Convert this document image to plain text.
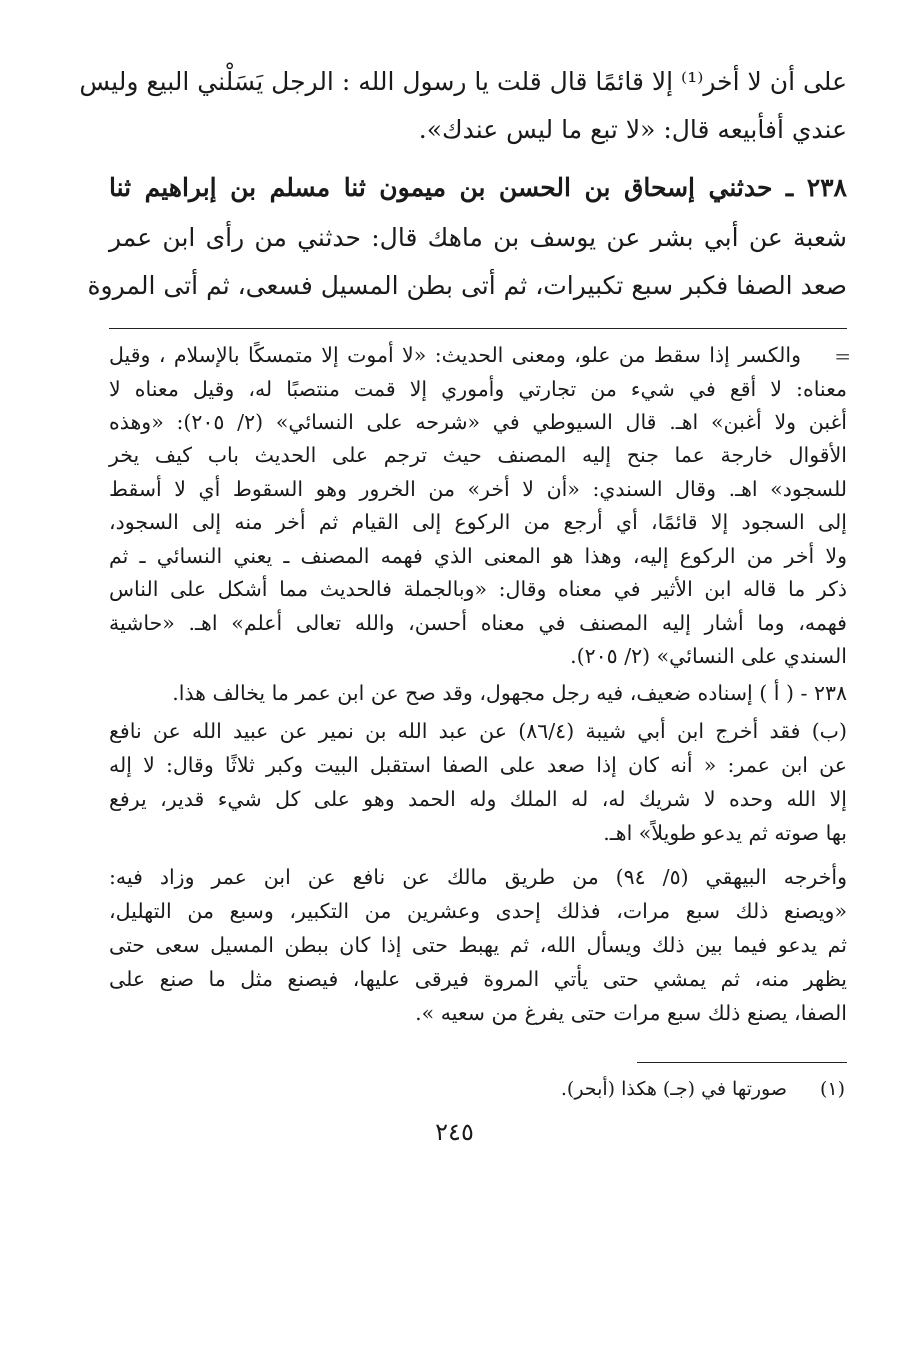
على أن لا أخر⁽¹⁾ إلا قائمًا قال قلت يا رسول الله : الرجل يَسَلْني البيع وليس
عندي أفأبيعه قال: «لا تبع ما ليس عندك».
٢٣٨ ـ حدثني إسحاق بن الحسن بن ميمون ثنا مسلم بن إبراهيم ثنا
شعبة عن أبي بشر عن يوسف بن ماهك قال: حدثني من رأى ابن عمر
صعد الصفا فكبر سبع تكبيرات، ثم أتى بطن المسيل فسعى، ثم أتى المروة
=
والكسر إذا سقط من علو، ومعنى الحديث: «لا أموت إلا متمسكًا بالإسلام ، وقيل
معناه: لا أقع في شيء من تجارتي وأموري إلا قمت منتصبًا له، وقيل معناه لا
أغبن ولا أغبن» اهـ. قال السيوطي في «شرحه على النسائي» (٢/ ٢٠٥): «وهذه
الأقوال خارجة عما جنح إليه المصنف حيث ترجم على الحديث باب كيف يخر
للسجود» اهـ. وقال السندي: «أن لا أخر» من الخرور وهو السقوط أي لا أسقط
إلى السجود إلا قائمًا، أي أرجع من الركوع إلى القيام ثم أخر منه إلى السجود،
ولا أخر من الركوع إليه، وهذا هو المعنى الذي فهمه المصنف ـ يعني النسائي ـ ثم
ذكر ما قاله ابن الأثير في معناه وقال: «وبالجملة فالحديث مما أشكل على الناس
فهمه، وما أشار إليه المصنف في معناه أحسن، والله تعالى أعلم» اهـ. «حاشية
السندي على النسائي» (٢/ ٢٠٥).
٢٣٨ - ( أ ) إسناده ضعيف، فيه رجل مجهول، وقد صح عن ابن عمر ما يخالف هذا.
(ب) فقد أخرج ابن أبي شيبة (٨٦/٤) عن عبد الله بن نمير عن عبيد الله عن نافع
عن ابن عمر: « أنه كان إذا صعد على الصفا استقبل البيت وكبر ثلاثًا وقال: لا إله
إلا الله وحده لا شريك له، له الملك وله الحمد وهو على كل شيء قدير، يرفع
بها صوته ثم يدعو طويلاً» اهـ.
وأخرجه البيهقي (٥/ ٩٤) من طريق مالك عن نافع عن ابن عمر وزاد فيه:
«ويصنع ذلك سبع مرات، فذلك إحدى وعشرين من التكبير، وسبع من التهليل،
ثم يدعو فيما بين ذلك ويسأل الله، ثم يهبط حتى إذا كان ببطن المسيل سعى حتى
يظهر منه، ثم يمشي حتى يأتي المروة فيرقى عليها، فيصنع مثل ما صنع على
الصفا، يصنع ذلك سبع مرات حتى يفرغ من سعيه ».
(١)
صورتها في (جـ) هكذا (أبحر).
٢٤٥
